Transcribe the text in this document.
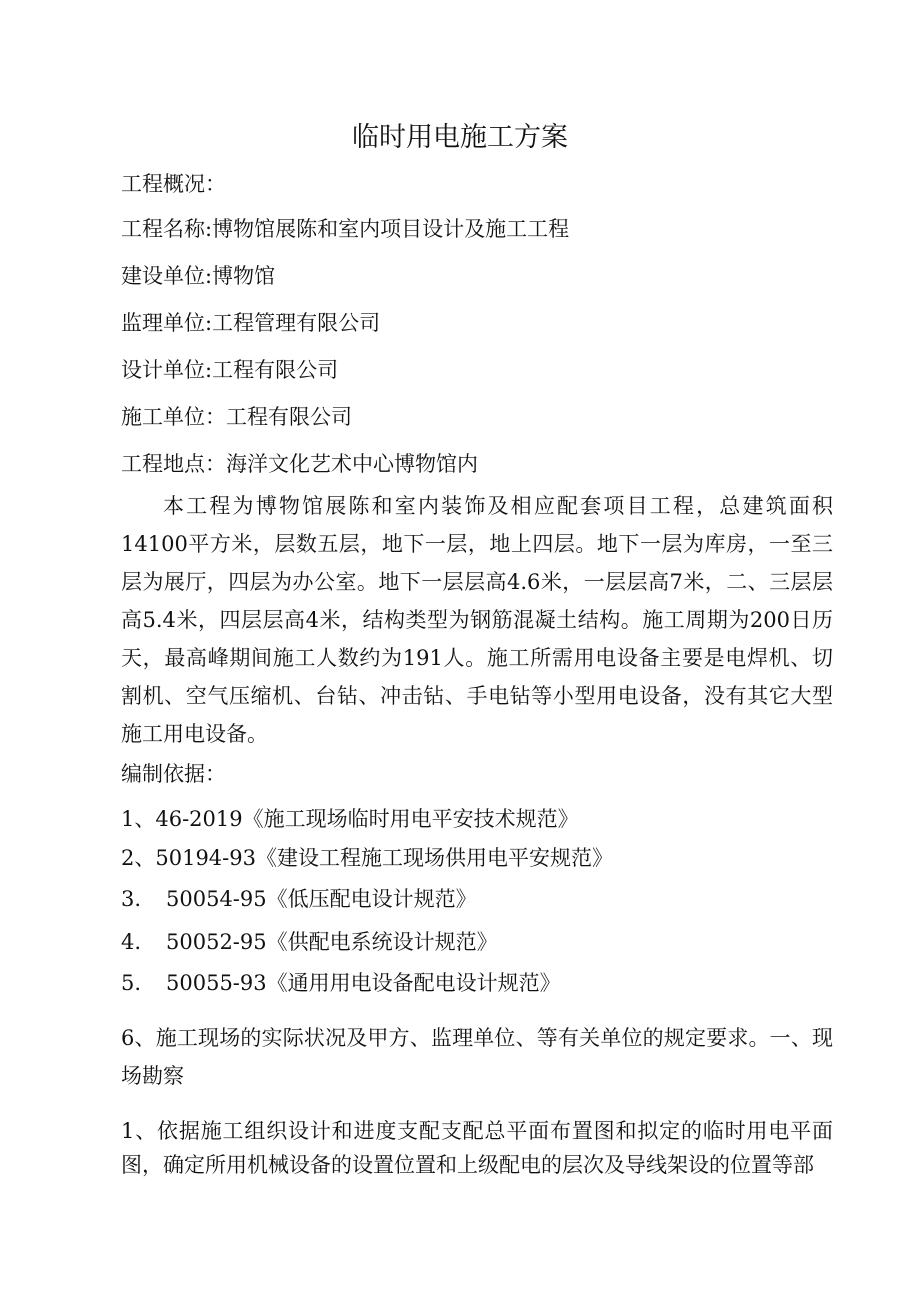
临时用电施工方案
工程概况：
工程名称:博物馆展陈和室内项目设计及施工工程
建设单位:博物馆
监理单位:工程管理有限公司
设计单位:工程有限公司
施工单位：工程有限公司
工程地点：海洋文化艺术中心博物馆内
本工程为博物馆展陈和室内装饰及相应配套项目工程，总建筑面积14100平方米，层数五层，地下一层，地上四层。地下一层为库房，一至三层为展厅，四层为办公室。地下一层层高4.6米，一层层高7米，二、三层层高5.4米，四层层高4米，结构类型为钢筋混凝土结构。施工周期为200日历天，最高峰期间施工人数约为191人。施工所需用电设备主要是电焊机、切割机、空气压缩机、台钻、冲击钻、手电钻等小型用电设备，没有其它大型施工用电设备。
编制依据：
1、46-2019《施工现场临时用电平安技术规范》
2、50194-93《建设工程施工现场供用电平安规范》
3. 50054-95《低压配电设计规范》
4. 50052-95《供配电系统设计规范》
5. 50055-93《通用用电设备配电设计规范》
6、施工现场的实际状况及甲方、监理单位、等有关单位的规定要求。一、现场勘察
1、依据施工组织设计和进度支配支配总平面布置图和拟定的临时用电平面图，确定所用机械设备的设置位置和上级配电的层次及导线架设的位置等部
